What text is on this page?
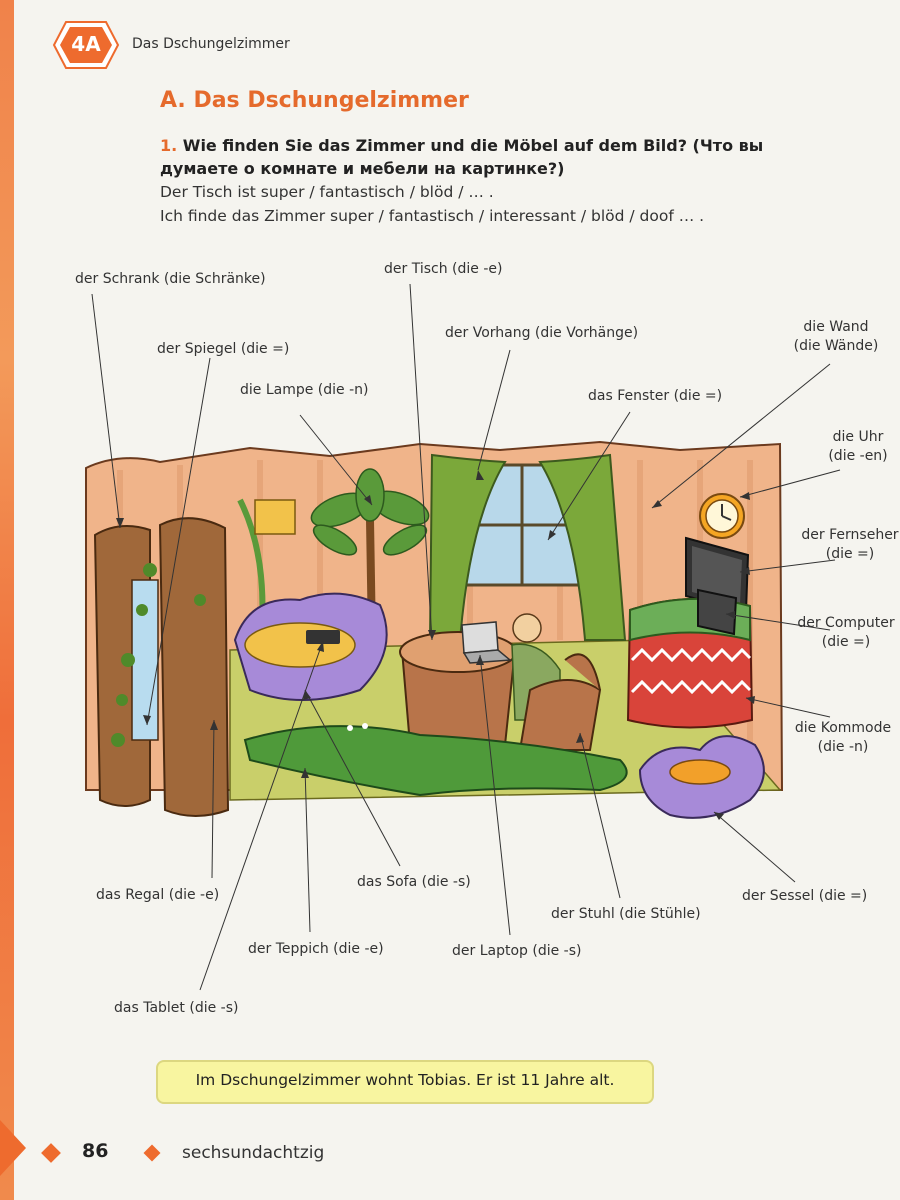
4A	Das Dschungelzimmer
A. Das Dschungelzimmer
1. Wie finden Sie das Zimmer und die Möbel auf dem Bild? (Что вы думаете о комнате и мебели на картинке?)
Der Tisch ist super / fantastisch / blöd / … .
Ich finde das Zimmer super / fantastisch / interessant / blöd / doof … .
der Schrank (die Schränke)
der Tisch (die -e)
der Spiegel (die =)
der Vorhang (die Vorhänge)	die Wand
(die Wände)
die Lampe (die -n)	das Fenster (die =)
die Uhr
(die -en)
der Fernseher
(die =)
der Computer
(die =)
die Kommode
(die -n)
das Regal (die -e)
das Sofa (die -s)
der Sessel (die =)
der Stuhl (die Stühle)
der Teppich (die -e)	der Laptop (die -s)
das Tablet (die -s)
Im Dschungelzimmer wohnt Tobias. Er ist 11 Jahre alt.
86	sechsundachtzig
